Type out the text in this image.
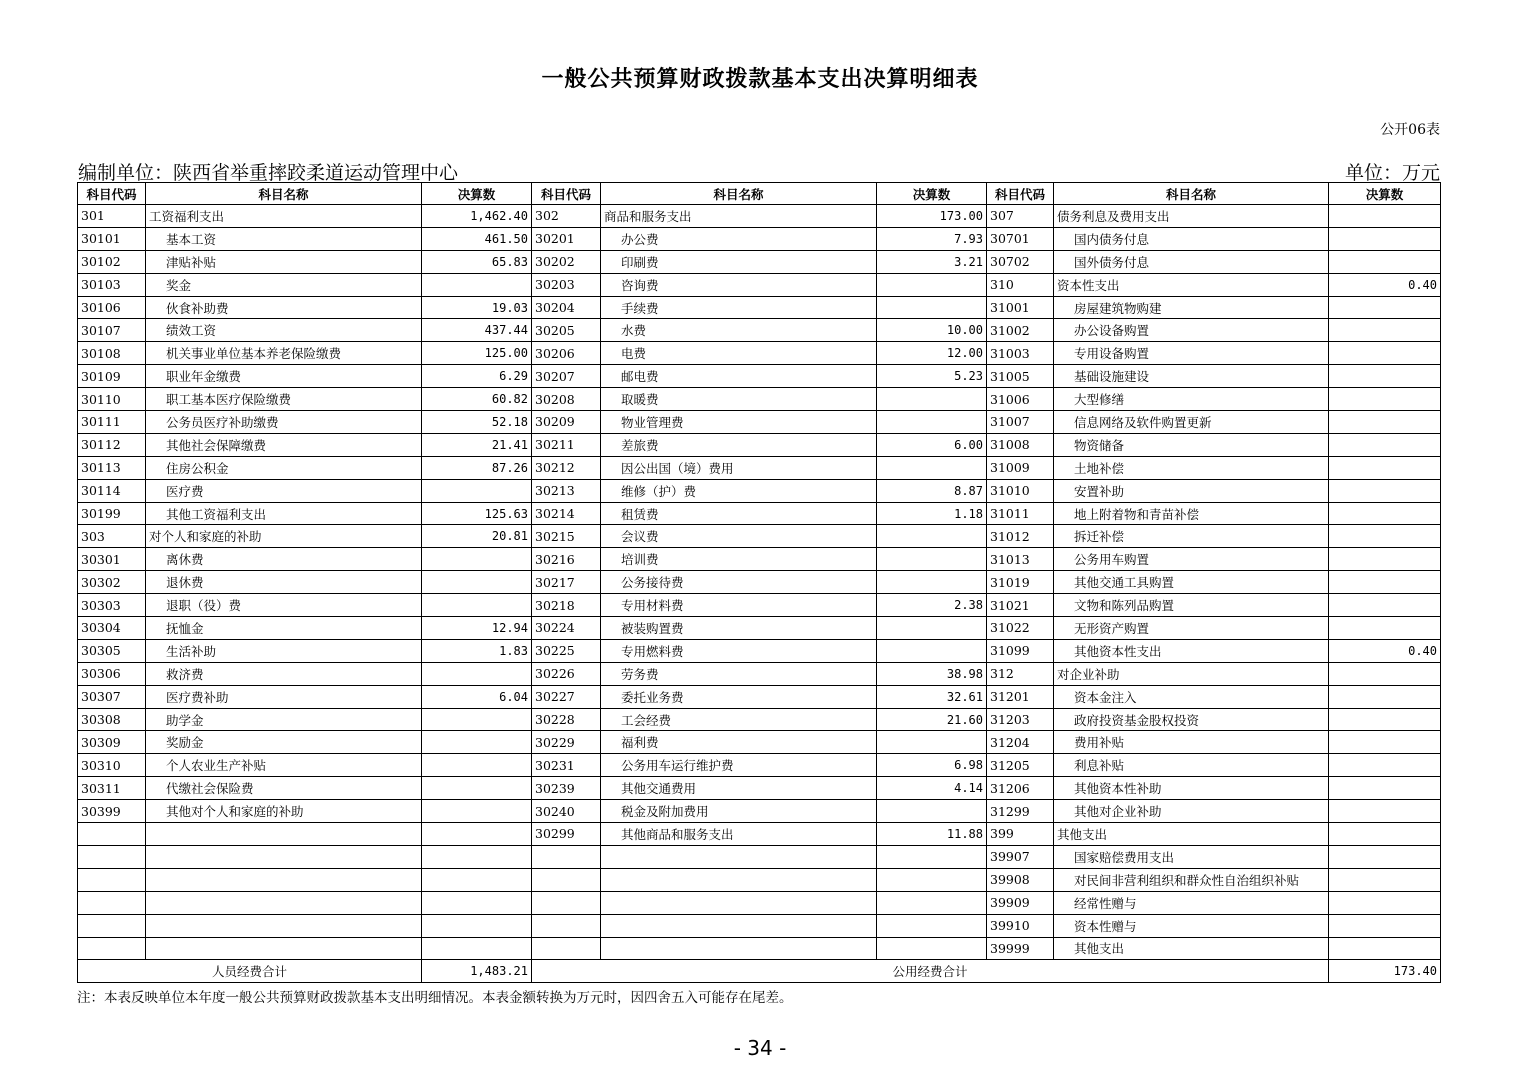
一般公共预算财政拨款基本支出决算明细表
公开06表
编制单位：陕西省举重摔跤柔道运动管理中心	单位：万元
科目代码	科目名称	决算数	科目代码	科目名称	决算数	科目代码	科目名称	决算数
301	工资福利支出	1,462.40	302	商品和服务支出	173.00	307	债务利息及费用支出	
30101	基本工资	461.50	30201	办公费	7.93	30701	国内债务付息	
30102	津贴补贴	65.83	30202	印刷费	3.21	30702	国外债务付息	
30103	奖金		30203	咨询费		310	资本性支出	0.40
30106	伙食补助费	19.03	30204	手续费		31001	房屋建筑物购建	
30107	绩效工资	437.44	30205	水费	10.00	31002	办公设备购置	
30108	机关事业单位基本养老保险缴费	125.00	30206	电费	12.00	31003	专用设备购置	
30109	职业年金缴费	6.29	30207	邮电费	5.23	31005	基础设施建设	
30110	职工基本医疗保险缴费	60.82	30208	取暖费		31006	大型修缮	
30111	公务员医疗补助缴费	52.18	30209	物业管理费		31007	信息网络及软件购置更新	
30112	其他社会保障缴费	21.41	30211	差旅费	6.00	31008	物资储备	
30113	住房公积金	87.26	30212	因公出国（境）费用		31009	土地补偿	
30114	医疗费		30213	维修（护）费	8.87	31010	安置补助	
30199	其他工资福利支出	125.63	30214	租赁费	1.18	31011	地上附着物和青苗补偿	
303	对个人和家庭的补助	20.81	30215	会议费		31012	拆迁补偿	
30301	离休费		30216	培训费		31013	公务用车购置	
30302	退休费		30217	公务接待费		31019	其他交通工具购置	
30303	退职（役）费		30218	专用材料费	2.38	31021	文物和陈列品购置	
30304	抚恤金	12.94	30224	被装购置费		31022	无形资产购置	
30305	生活补助	1.83	30225	专用燃料费		31099	其他资本性支出	0.40
30306	救济费		30226	劳务费	38.98	312	对企业补助	
30307	医疗费补助	6.04	30227	委托业务费	32.61	31201	资本金注入	
30308	助学金		30228	工会经费	21.60	31203	政府投资基金股权投资	
30309	奖励金		30229	福利费		31204	费用补贴	
30310	个人农业生产补贴		30231	公务用车运行维护费	6.98	31205	利息补贴	
30311	代缴社会保险费		30239	其他交通费用	4.14	31206	其他资本性补助	
30399	其他对个人和家庭的补助		30240	税金及附加费用		31299	其他对企业补助	
			30299	其他商品和服务支出	11.88	399	其他支出	
						39907	国家赔偿费用支出	
						39908	对民间非营利组织和群众性自治组织补贴	
						39909	经常性赠与	
						39910	资本性赠与	
						39999	其他支出	
人员经费合计		1,483.21	公用经费合计					173.40
注：本表反映单位本年度一般公共预算财政拨款基本支出明细情况。本表金额转换为万元时，因四舍五入可能存在尾差。
- 34 -
